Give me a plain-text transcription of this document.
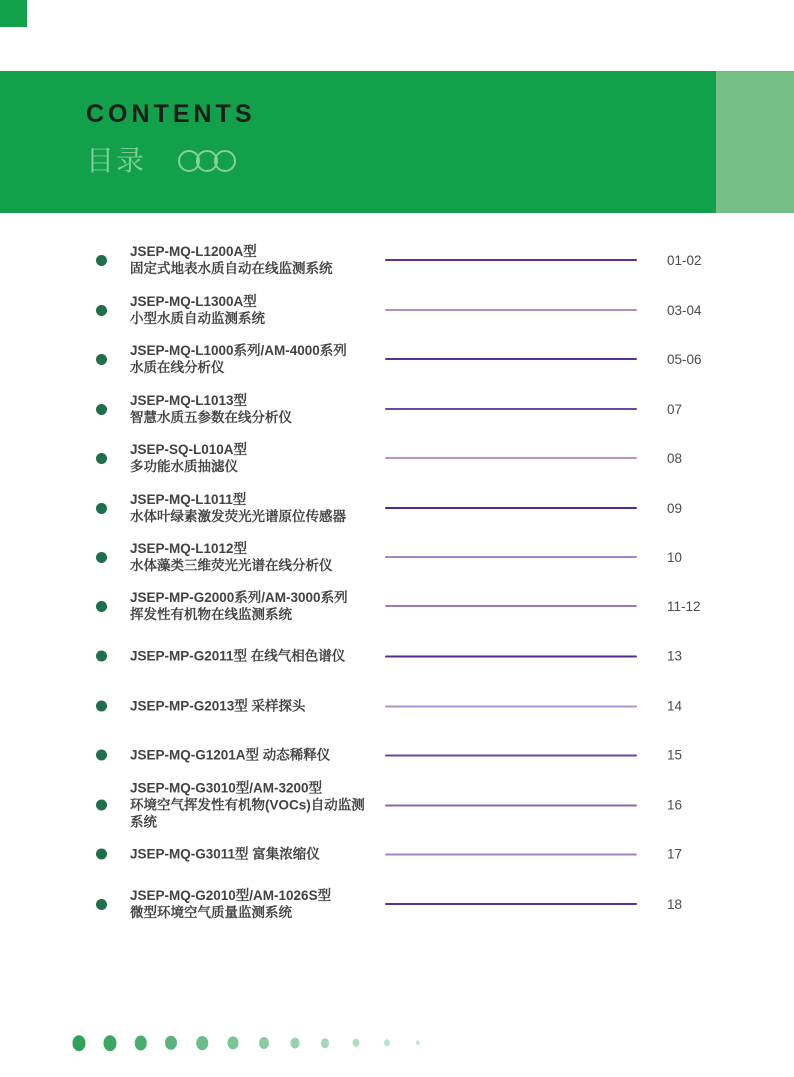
CONTENTS
目录
JSEP-MQ-L1200A型
固定式地表水质自动在线监测系统
01-02
JSEP-MQ-L1300A型
小型水质自动监测系统
03-04
JSEP-MQ-L1000系列/AM-4000系列
水质在线分析仪
05-06
JSEP-MQ-L1013型
智慧水质五参数在线分析仪
07
JSEP-SQ-L010A型
多功能水质抽滤仪
08
JSEP-MQ-L1011型
水体叶绿素激发荧光光谱原位传感器
09
JSEP-MQ-L1012型
水体藻类三维荧光光谱在线分析仪
10
JSEP-MP-G2000系列/AM-3000系列
挥发性有机物在线监测系统
11-12
JSEP-MP-G2011型 在线气相色谱仪	13
JSEP-MP-G2013型 采样探头	14
JSEP-MQ-G1201A型 动态稀释仪	15
JSEP-MQ-G3010型/AM-3200型
环境空气挥发性有机物(VOCs)自动监测
系统
16
JSEP-MQ-G3011型 富集浓缩仪	17
JSEP-MQ-G2010型/AM-1026S型
微型环境空气质量监测系统
18
